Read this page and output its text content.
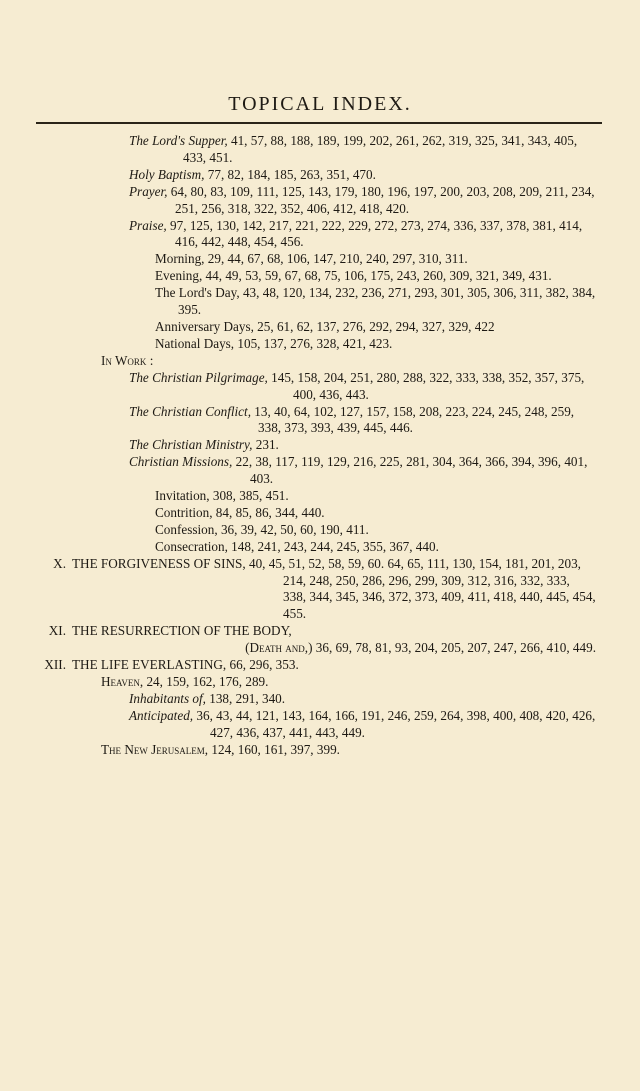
TOPICAL INDEX.
The Lord's Supper, 41, 57, 88, 188, 189, 199, 202, 261, 262, 319, 325, 341, 343, 405, 433, 451.
Holy Baptism, 77, 82, 184, 185, 263, 351, 470.
Prayer, 64, 80, 83, 109, 111, 125, 143, 179, 180, 196, 197, 200, 203, 208, 209, 211, 234, 251, 256, 318, 322, 352, 406, 412, 418, 420.
Praise, 97, 125, 130, 142, 217, 221, 222, 229, 272, 273, 274, 336, 337, 378, 381, 414, 416, 442, 448, 454, 456.
Morning, 29, 44, 67, 68, 106, 147, 210, 240, 297, 310, 311.
Evening, 44, 49, 53, 59, 67, 68, 75, 106, 175, 243, 260, 309, 321, 349, 431.
The Lord's Day, 43, 48, 120, 134, 232, 236, 271, 293, 301, 305, 306, 311, 382, 384, 395.
Anniversary Days, 25, 61, 62, 137, 276, 292, 294, 327, 329, 422
National Days, 105, 137, 276, 328, 421, 423.
In Work :
The Christian Pilgrimage, 145, 158, 204, 251, 280, 288, 322, 333, 338, 352, 357, 375, 400, 436, 443.
The Christian Conflict, 13, 40, 64, 102, 127, 157, 158, 208, 223, 224, 245, 248, 259, 338, 373, 393, 439, 445, 446.
The Christian Ministry, 231.
Christian Missions, 22, 38, 117, 119, 129, 216, 225, 281, 304, 364, 366, 394, 396, 401, 403.
Invitation, 308, 385, 451.
Contrition, 84, 85, 86, 344, 440.
Confession, 36, 39, 42, 50, 60, 190, 411.
Consecration, 148, 241, 243, 244, 245, 355, 367, 440.
X. THE FORGIVENESS OF SINS, 40, 45, 51, 52, 58, 59, 60. 64, 65, 111, 130, 154, 181, 201, 203, 214, 248, 250, 286, 296, 299, 309, 312, 316, 332, 333, 338, 344, 345, 346, 372, 373, 409, 411, 418, 440, 445, 454, 455.
XI. THE RESURRECTION OF THE BODY,
(Death and,) 36, 69, 78, 81, 93, 204, 205, 207, 247, 266, 410, 449.
XII. THE LIFE EVERLASTING, 66, 296, 353.
Heaven, 24, 159, 162, 176, 289.
Inhabitants of, 138, 291, 340.
Anticipated, 36, 43, 44, 121, 143, 164, 166, 191, 246, 259, 264, 398, 400, 408, 420, 426, 427, 436, 437, 441, 443, 449.
The New Jerusalem, 124, 160, 161, 397, 399.
